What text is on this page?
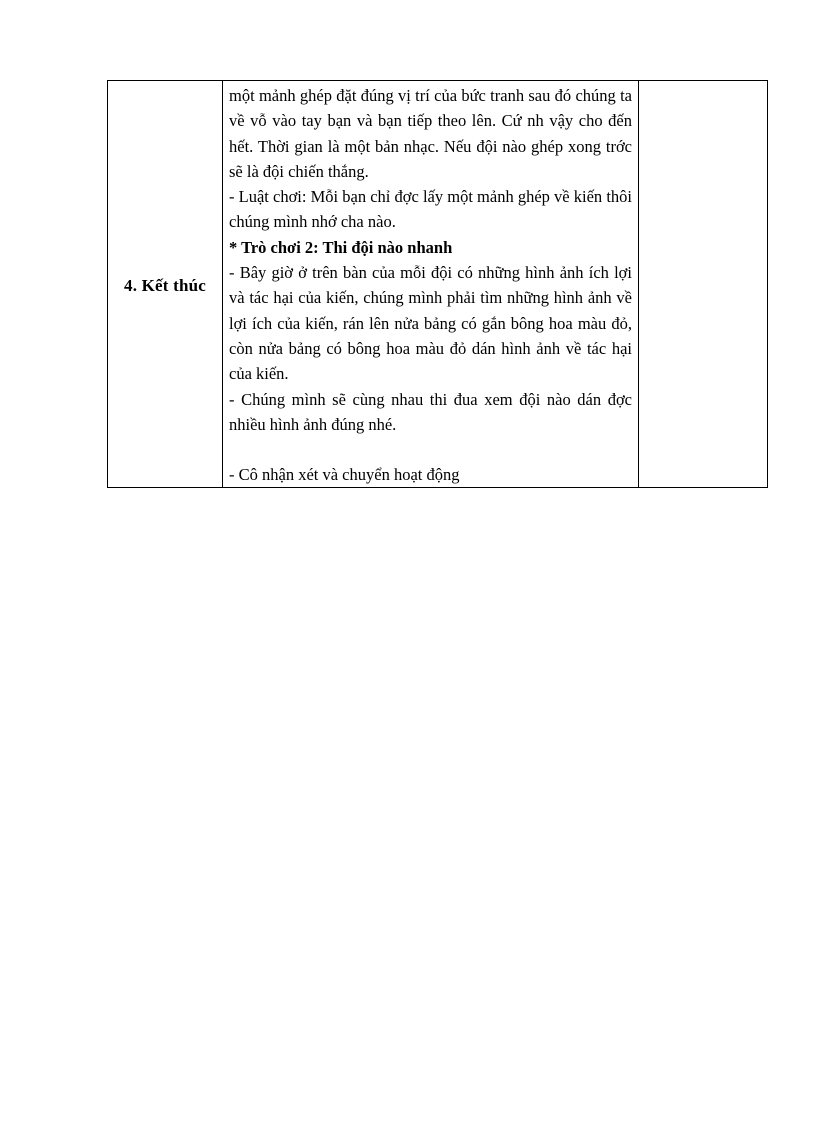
4. Kết thúc	

một mảnh ghép đặt đúng vị trí của bức tranh sau đó chúng ta về vỗ vào tay bạn và bạn tiếp theo lên. Cứ nh vậy cho đến hết. Thời gian là một bản nhạc. Nếu đội nào ghép xong trớc sẽ là đội chiến thắng.

- Luật chơi: Mỗi bạn chỉ đợc lấy một mảnh ghép về kiến thôi chúng mình nhớ cha nào.

* Trò chơi 2: Thi đội nào nhanh

- Bây giờ ở trên bàn của mỗi đội có những hình ảnh ích lợi và tác hại của kiến, chúng mình phải tìm những hình ảnh về lợi ích của kiến, rán lên nửa bảng có gắn bông hoa màu đỏ, còn nửa bảng có bông hoa màu đỏ dán hình ảnh về tác hại của kiến.

- Chúng mình sẽ cùng nhau thi đua xem đội nào dán đợc nhiều hình ảnh đúng nhé.

- Cô nhận xét và chuyển hoạt động
